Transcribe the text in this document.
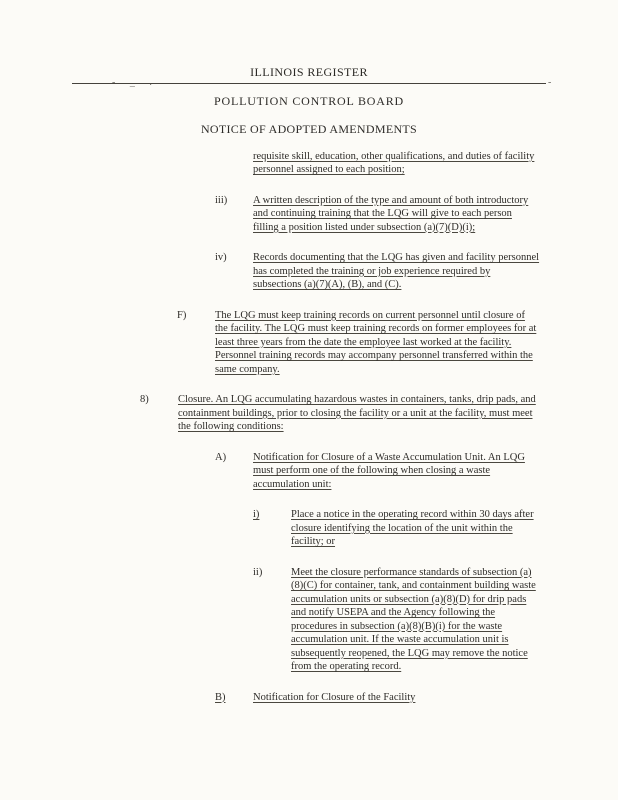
- _ .	-
ILLINOIS REGISTER
POLLUTION CONTROL BOARD
NOTICE OF ADOPTED AMENDMENTS
requisite skill, education, other qualifications, and duties of facility personnel assigned to each position;
iii)	A written description of the type and amount of both introductory and continuing training that the LQG will give to each person filling a position listed under subsection (a)(7)(D)(i);
iv)	Records documenting that the LQG has given and facility personnel has completed the training or job experience required by subsections (a)(7)(A), (B), and (C).
F)	The LQG must keep training records on current personnel until closure of the facility. The LQG must keep training records on former employees for at least three years from the date the employee last worked at the facility. Personnel training records may accompany personnel transferred within the same company.
8)	Closure. An LQG accumulating hazardous wastes in containers, tanks, drip pads, and containment buildings, prior to closing the facility or a unit at the facility, must meet the following conditions:
A)	Notification for Closure of a Waste Accumulation Unit. An LQG must perform one of the following when closing a waste accumulation unit:
i)	Place a notice in the operating record within 30 days after closure identifying the location of the unit within the facility; or
ii)	Meet the closure performance standards of subsection (a)(8)(C) for container, tank, and containment building waste accumulation units or subsection (a)(8)(D) for drip pads and notify USEPA and the Agency following the procedures in subsection (a)(8)(B)(i) for the waste accumulation unit. If the waste accumulation unit is subsequently reopened, the LQG may remove the notice from the operating record.
B)	Notification for Closure of the Facility
